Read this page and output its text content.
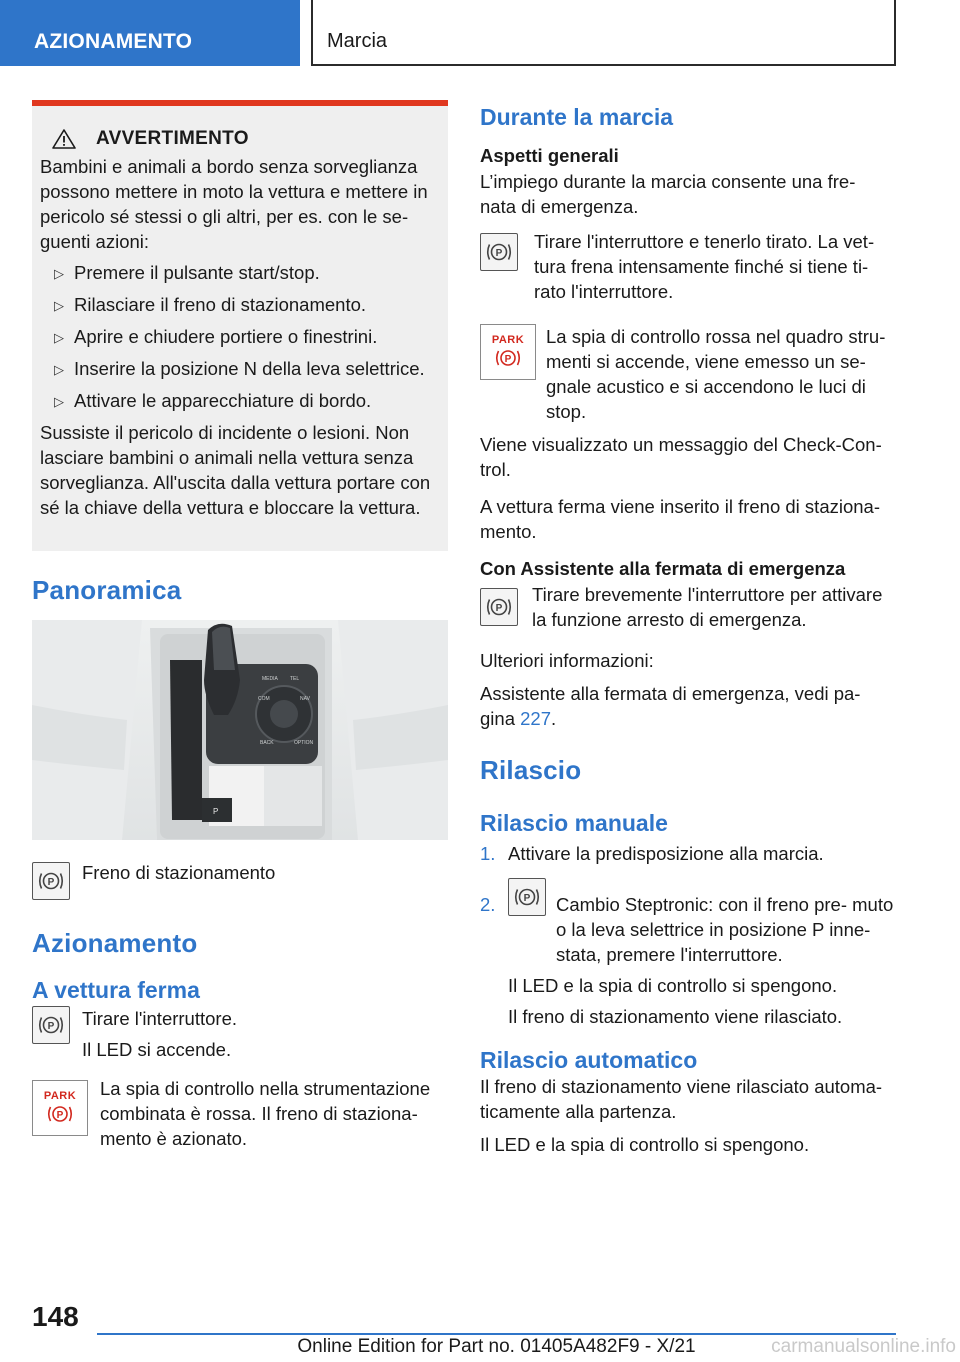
AZIONAMENTO	Marcia
AVVERTIMENTO

Bambini e animali a bordo senza sorveglianza possono mettere in moto la vettura e mettere in pericolo sé stessi o gli altri, per es. con le se- guenti azioni:

▷ Premere il pulsante start/stop.
▷ Rilasciare il freno di stazionamento.
▷ Aprire e chiudere portiere o finestrini.
▷ Inserire la posizione N della leva selettrice.
▷ Attivare le apparecchiature di bordo.

Sussiste il pericolo di incidente o lesioni. Non lasciare bambini o animali nella vettura senza sorveglianza. All'uscita dalla vettura portare con sé la chiave della vettura e bloccare la vettura.

Panoramica
MEDIA TEL
NAV
BACK	OPTION
COM
P
P Freno di stazionamento

Azionamento
A vettura ferma
P Tirare l'interruttore.

Il LED si accende.

PARK
P

La spia di controllo nella strumentazione combinata è rossa. Il freno di staziona- mento è azionato.

Durante la marcia
Aspetti generali

L’impiego durante la marcia consente una fre- nata di emergenza.

P

Tirare l'interruttore e tenerlo tirato. La vet- tura frena intensamente finché si tiene ti- rato l'interruttore.

PARK
P

La spia di controllo rossa nel quadro stru- menti si accende, viene emesso un se- gnale acustico e si accendono le luci di stop.

Viene visualizzato un messaggio del Check-Con- trol.

A vettura ferma viene inserito il freno di staziona- mento.

Con Assistente alla fermata di emergenza
P

Tirare brevemente l'interruttore per attivare la funzione arresto di emergenza.

Ulteriori informazioni:

Assistente alla fermata di emergenza, vedi pa- gina 227.

Rilascio
Rilascio manuale
1. Attivare la predisposizione alla marcia.
2.	P Cambio Steptronic: con il freno pre- muto o la leva selettrice in posizione P inne- stata, premere l'interruttore.

Il LED e la spia di controllo si spengono.

Il freno di stazionamento viene rilasciato.

Rilascio automatico

Il freno di stazionamento viene rilasciato automa- ticamente alla partenza.

Il LED e la spia di controllo si spengono.

148
Online Edition for Part no. 01405A482F9 - X/21	carmanualsonline.info
